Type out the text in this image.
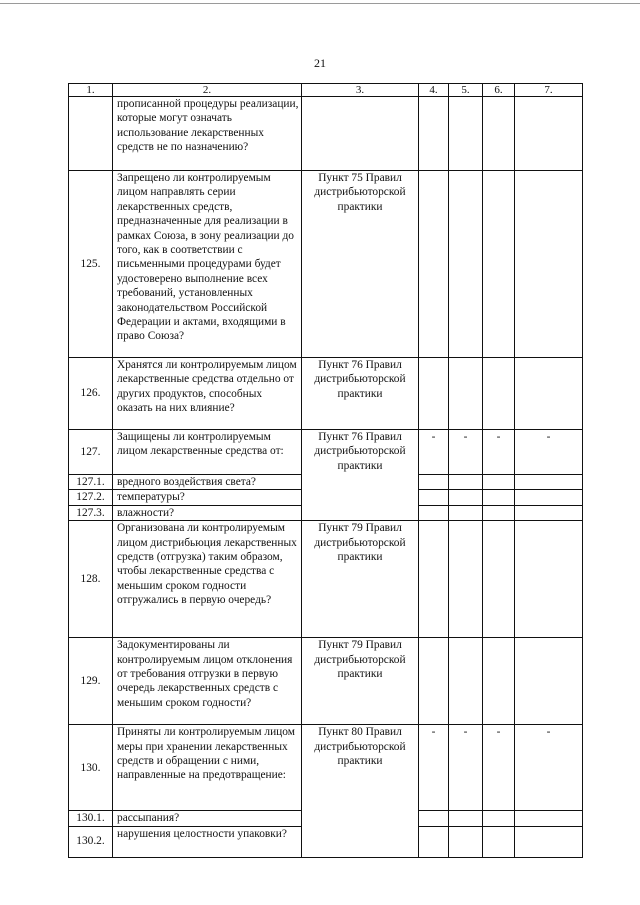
21
1.	2.	3.	4.	5.	6.	7.
	прописанной процедуры реализации, которые могут означать использование лекарственных средств не по назначению?					
125.	Запрещено ли контролируемым лицом направлять серии лекарственных средств, предназначенные для реализации в рамках Союза, в зону реализации до того, как в соответствии с письменными процедурами будет удостоверено выполнение всех требований, установленных законодательством Российской Федерации и актами, входящими в право Союза?	Пункт 75 Правил дистрибьюторской практики				
126.	Хранятся ли контролируемым лицом лекарственные средства отдельно от других продуктов, способных оказать на них влияние?	Пункт 76 Правил дистрибьюторской практики				
127.	Защищены ли контролируемым лицом лекарственные средства от:	Пункт 76 Правил дистрибьюторской практики	-	-	-	-
127.1.	вредного воздействия света?					
127.2.	температуры?					
127.3.	влажности?					
128.	Организована ли контролируемым лицом дистрибьюция лекарственных средств (отгрузка) таким образом, чтобы лекарственные средства с меньшим сроком годности отгружались в первую очередь?	Пункт 79 Правил дистрибьюторской практики				
129.	Задокументированы ли контролируемым лицом отклонения от требования отгрузки в первую очередь лекарственных средств с меньшим сроком годности?	Пункт 79 Правил дистрибьюторской практики				
130.	Приняты ли контролируемым лицом меры при хранении лекарственных средств и обращении с ними, направленные на предотвращение:	Пункт 80 Правил дистрибьюторской практики	-	-	-	-
130.1.	рассыпания?					
130.2.	нарушения целостности упаковки?					
